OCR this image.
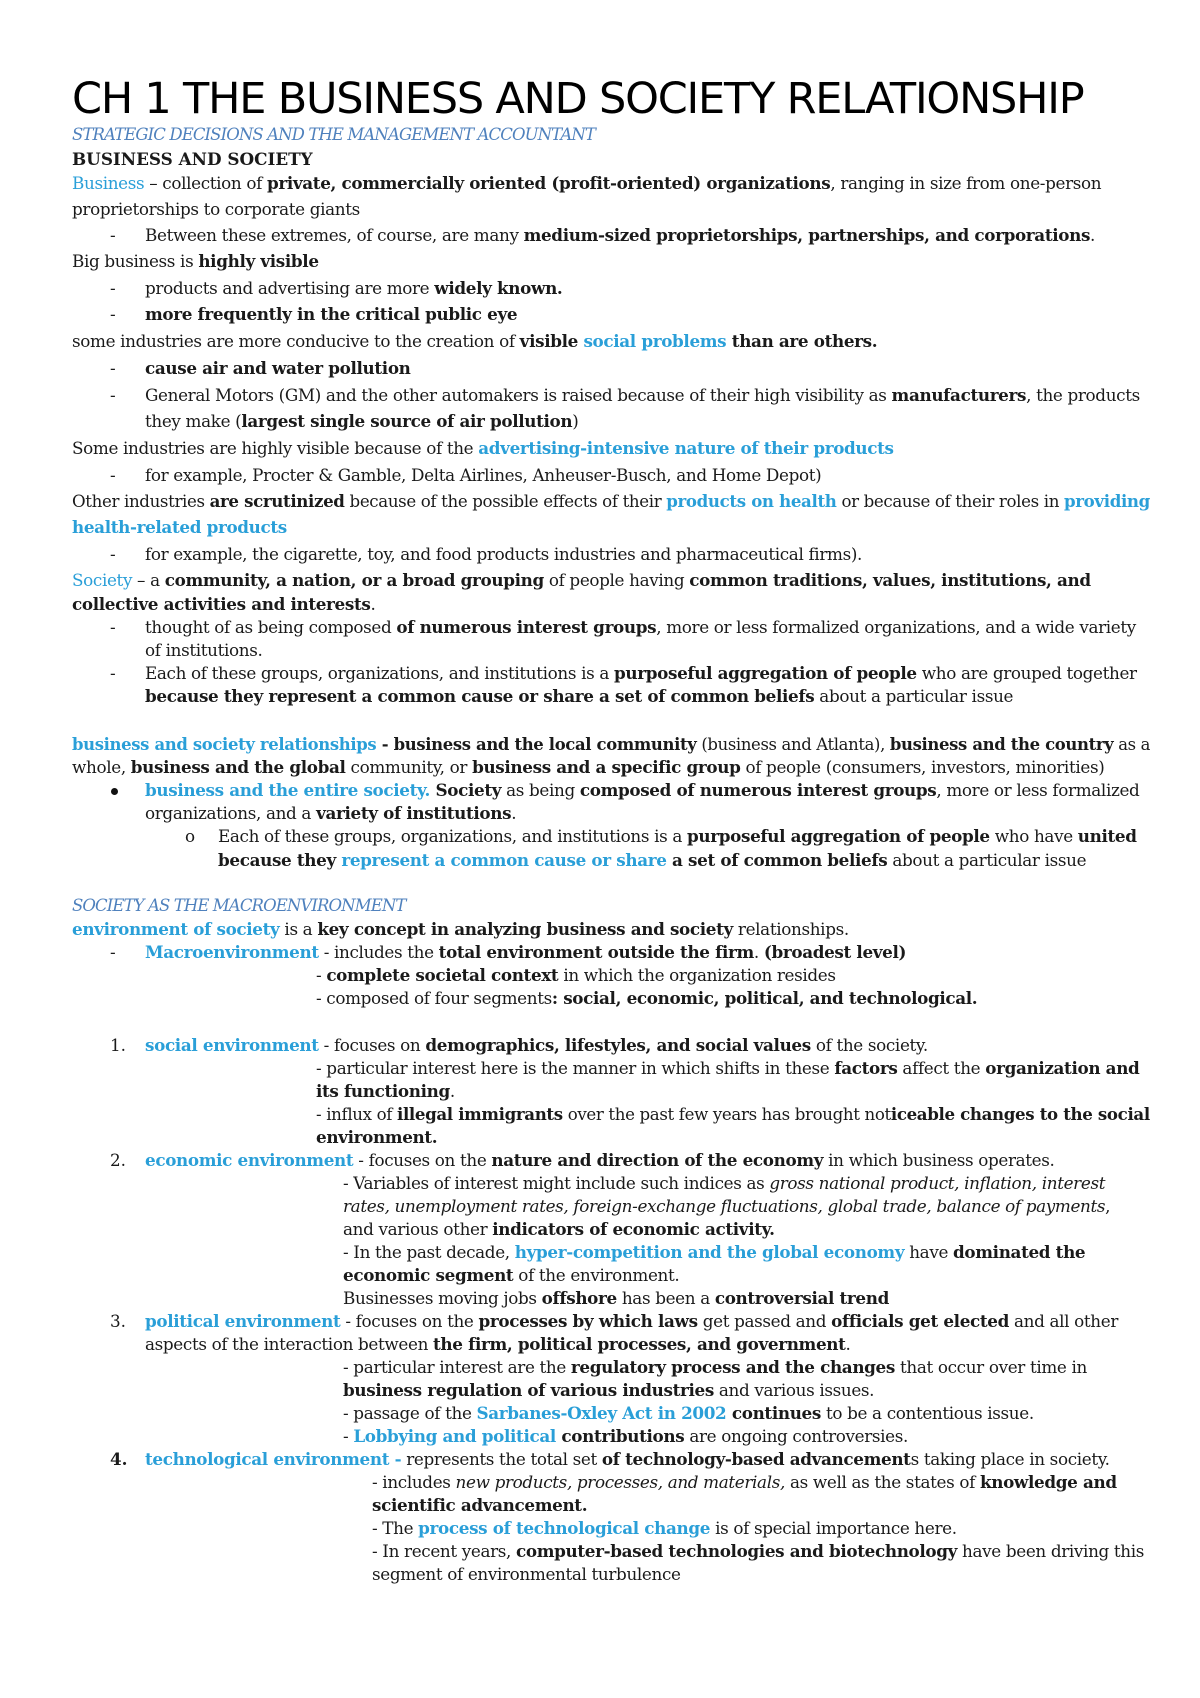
CH 1 THE BUSINESS AND SOCIETY RELATIONSHIP
STRATEGIC DECISIONS AND THE MANAGEMENT ACCOUNTANT
BUSINESS AND SOCIETY
Business – collection of private, commercially oriented (profit-oriented) organizations, ranging in size from one-person
proprietorships to corporate giants
- Between these extremes, of course, are many medium-sized proprietorships, partnerships, and corporations.
Big business is highly visible
- products and advertising are more widely known.
- more frequently in the critical public eye
some industries are more conducive to the creation of visible social problems than are others.
- cause air and water pollution
- General Motors (GM) and the other automakers is raised because of their high visibility as manufacturers, the products
they make (largest single source of air pollution)
Some industries are highly visible because of the advertising-intensive nature of their products
- for example, Procter & Gamble, Delta Airlines, Anheuser-Busch, and Home Depot)
Other industries are scrutinized because of the possible effects of their products on health or because of their roles in providing
health-related products
- for example, the cigarette, toy, and food products industries and pharmaceutical firms).
Society – a community, a nation, or a broad grouping of people having common traditions, values, institutions, and
collective activities and interests.
- thought of as being composed of numerous interest groups, more or less formalized organizations, and a wide variety
of institutions.
- Each of these groups, organizations, and institutions is a purposeful aggregation of people who are grouped together
because they represent a common cause or share a set of common beliefs about a particular issue
business and society relationships - business and the local community (business and Atlanta), business and the country as a
whole, business and the global community, or business and a specific group of people (consumers, investors, minorities)
business and the entire society. Society as being composed of numerous interest groups, more or less formalized
organizations, and a variety of institutions.
o Each of these groups, organizations, and institutions is a purposeful aggregation of people who have united
because they represent a common cause or share a set of common beliefs about a particular issue
SOCIETY AS THE MACROENVIRONMENT
environment of society is a key concept in analyzing business and society relationships.
- Macroenvironment - includes the total environment outside the firm. (broadest level)
- complete societal context in which the organization resides
- composed of four segments: social, economic, political, and technological.
1. social environment - focuses on demographics, lifestyles, and social values of the society.
- particular interest here is the manner in which shifts in these factors affect the organization and
its functioning.
- influx of illegal immigrants over the past few years has brought noticeable changes to the social
environment.
2. economic environment - focuses on the nature and direction of the economy in which business operates.
- Variables of interest might include such indices as gross national product, inflation, interest
rates, unemployment rates, foreign-exchange fluctuations, global trade, balance of payments,
and various other indicators of economic activity.
- In the past decade, hyper-competition and the global economy have dominated the
economic segment of the environment.
Businesses moving jobs offshore has been a controversial trend
3. political environment - focuses on the processes by which laws get passed and officials get elected and all other
aspects of the interaction between the firm, political processes, and government.
- particular interest are the regulatory process and the changes that occur over time in
business regulation of various industries and various issues.
- passage of the Sarbanes-Oxley Act in 2002 continues to be a contentious issue.
- Lobbying and political contributions are ongoing controversies.
4. technological environment - represents the total set of technology-based advancements taking place in society.
- includes new products, processes, and materials, as well as the states of knowledge and
scientific advancement.
- The process of technological change is of special importance here.
- In recent years, computer-based technologies and biotechnology have been driving this
segment of environmental turbulence
